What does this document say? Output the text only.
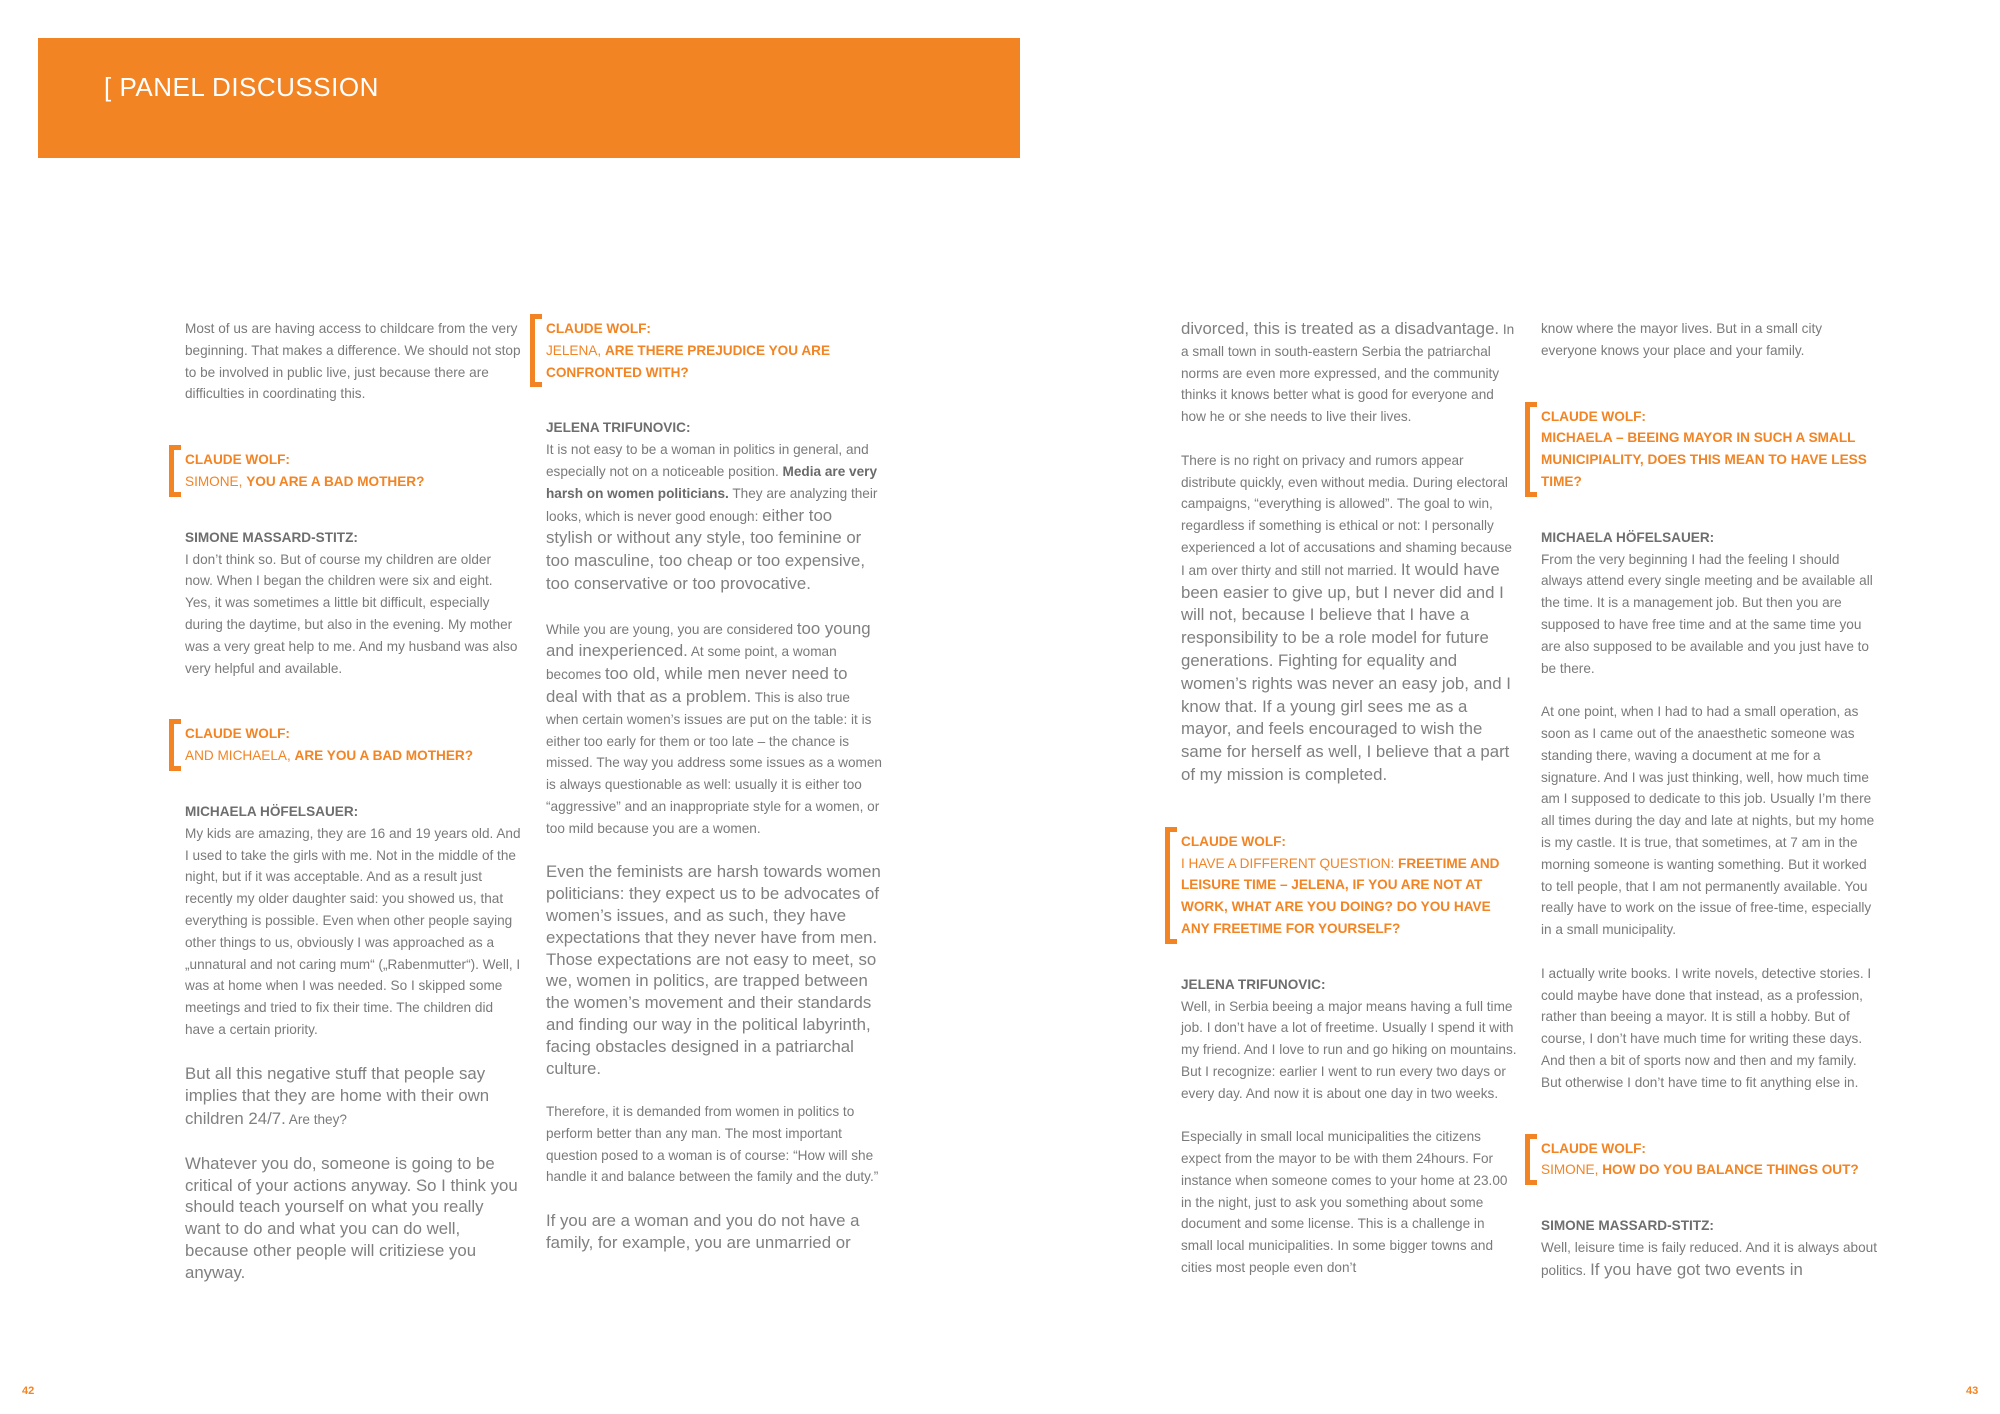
[ PANEL DISCUSSION

Most of us are having access to childcare from the very beginning. That makes a difference. We should not stop to be involved in public live, just because there are difficulties in coordinating this.

CLAUDE WOLF:
SIMONE, YOU ARE A BAD MOTHER?

SIMONE MASSARD-STITZ:

I don’t think so. But of course my children are older now. When I began the children were six and eight. Yes, it was sometimes a little bit difficult, especially during the daytime, but also in the evening. My mother was a very great help to me. And my husband was also very helpful and available.

CLAUDE WOLF:
AND MICHAELA, ARE YOU A BAD MOTHER?

MICHAELA HÖFELSAUER:

My kids are amazing, they are 16 and 19 years old. And I used to take the girls with me. Not in the middle of the night, but if it was acceptable. And as a result just recently my older daughter said: you showed us, that everything is possible. Even when other people saying other things to us, obviously I was approached as a „unnatural and not caring mum“ („Rabenmutter“). Well, I was at home when I was needed. So I skipped some meetings and tried to fix their time. The children did have a certain priority.

But all this negative stuff that people say implies that they are home with their own children 24/7. Are they?

Whatever you do, someone is going to be critical of your actions anyway. So I think you should teach yourself on what you really want to do and what you can do well, because other people will critiziese you anyway.

CLAUDE WOLF:
JELENA, ARE THERE PREJUDICE YOU ARE CONFRONTED WITH?

JELENA TRIFUNOVIC:

It is not easy to be a woman in politics in general, and especially not on a noticeable position. Media are very harsh on women politicians. They are analyzing their looks, which is never good enough: either too stylish or without any style, too feminine or too masculine, too cheap or too expensive, too conservative or too provocative.

While you are young, you are considered too young and inexperienced. At some point, a woman becomes too old, while men never need to deal with that as a problem. This is also true when certain women’s issues are put on the table: it is either too early for them or too late – the chance is missed. The way you address some issues as a women is always questionable as well: usually it is either too “aggressive” and an inappropriate style for a women, or too mild because you are a women.

Even the feminists are harsh towards women politicians: they expect us to be advocates of women’s issues, and as such, they have expectations that they never have from men. Those expectations are not easy to meet, so we, women in politics, are trapped between the women’s movement and their standards and finding our way in the political labyrinth, facing obstacles designed in a patriarchal culture.

Therefore, it is demanded from women in politics to perform better than any man. The most important question posed to a woman is of course: “How will she handle it and balance between the family and the duty.”

If you are a woman and you do not have a family, for example, you are unmarried or

divorced, this is treated as a disadvantage. In a small town in south-eastern Serbia the patriarchal norms are even more expressed, and the community thinks it knows better what is good for everyone and how he or she needs to live their lives.

There is no right on privacy and rumors appear distribute quickly, even without media. During electoral campaigns, “everything is allowed”. The goal to win, regardless if something is ethical or not: I personally experienced a lot of accusations and shaming because I am over thirty and still not married. It would have been easier to give up, but I never did and I will not, because I believe that I have a responsibility to be a role model for future generations. Fighting for equality and women’s rights was never an easy job, and I know that. If a young girl sees me as a mayor, and feels encouraged to wish the same for herself as well, I believe that a part of my mission is completed.

CLAUDE WOLF:
I HAVE A DIFFERENT QUESTION: FREETIME AND LEISURE TIME – JELENA, IF YOU ARE NOT AT WORK, WHAT ARE YOU DOING? DO YOU HAVE ANY FREETIME FOR YOURSELF?

JELENA TRIFUNOVIC:

Well, in Serbia beeing a major means having a full time job. I don’t have a lot of freetime. Usually I spend it with my friend. And I love to run and go hiking on mountains. But I recognize: earlier I went to run every two days or every day. And now it is about one day in two weeks.

Especially in small local municipalities the citizens expect from the mayor to be with them 24hours. For instance when someone comes to your home at 23.00 in the night, just to ask you something about some document and some license. This is a challenge in small local municipalities. In some bigger towns and cities most people even don’t

know where the mayor lives. But in a small city everyone knows your place and your family.

CLAUDE WOLF:
MICHAELA – BEEING MAYOR IN SUCH A SMALL MUNICIPIALITY, DOES THIS MEAN TO HAVE LESS TIME?

MICHAELA HÖFELSAUER:

From the very beginning I had the feeling I should always attend every single meeting and be available all the time. It is a management job. But then you are supposed to have free time and at the same time you are also supposed to be available and you just have to be there.

At one point, when I had to had a small operation, as soon as I came out of the anaesthetic someone was standing there, waving a document at me for a signature. And I was just thinking, well, how much time am I supposed to dedicate to this job. Usually I’m there all times during the day and late at nights, but my home is my castle. It is true, that sometimes, at 7 am in the morning someone is wanting something. But it worked to tell people, that I am not permanently available. You really have to work on the issue of free-time, especially in a small municipality.

I actually write books. I write novels, detective stories. I could maybe have done that instead, as a profession, rather than beeing a mayor. It is still a hobby. But of course, I don’t have much time for writing these days. And then a bit of sports now and then and my family. But otherwise I don’t have time to fit anything else in.

CLAUDE WOLF:
SIMONE, HOW DO YOU BALANCE THINGS OUT?

SIMONE MASSARD-STITZ:

Well, leisure time is faily reduced. And it is always about politics. If you have got two events in

42	43
